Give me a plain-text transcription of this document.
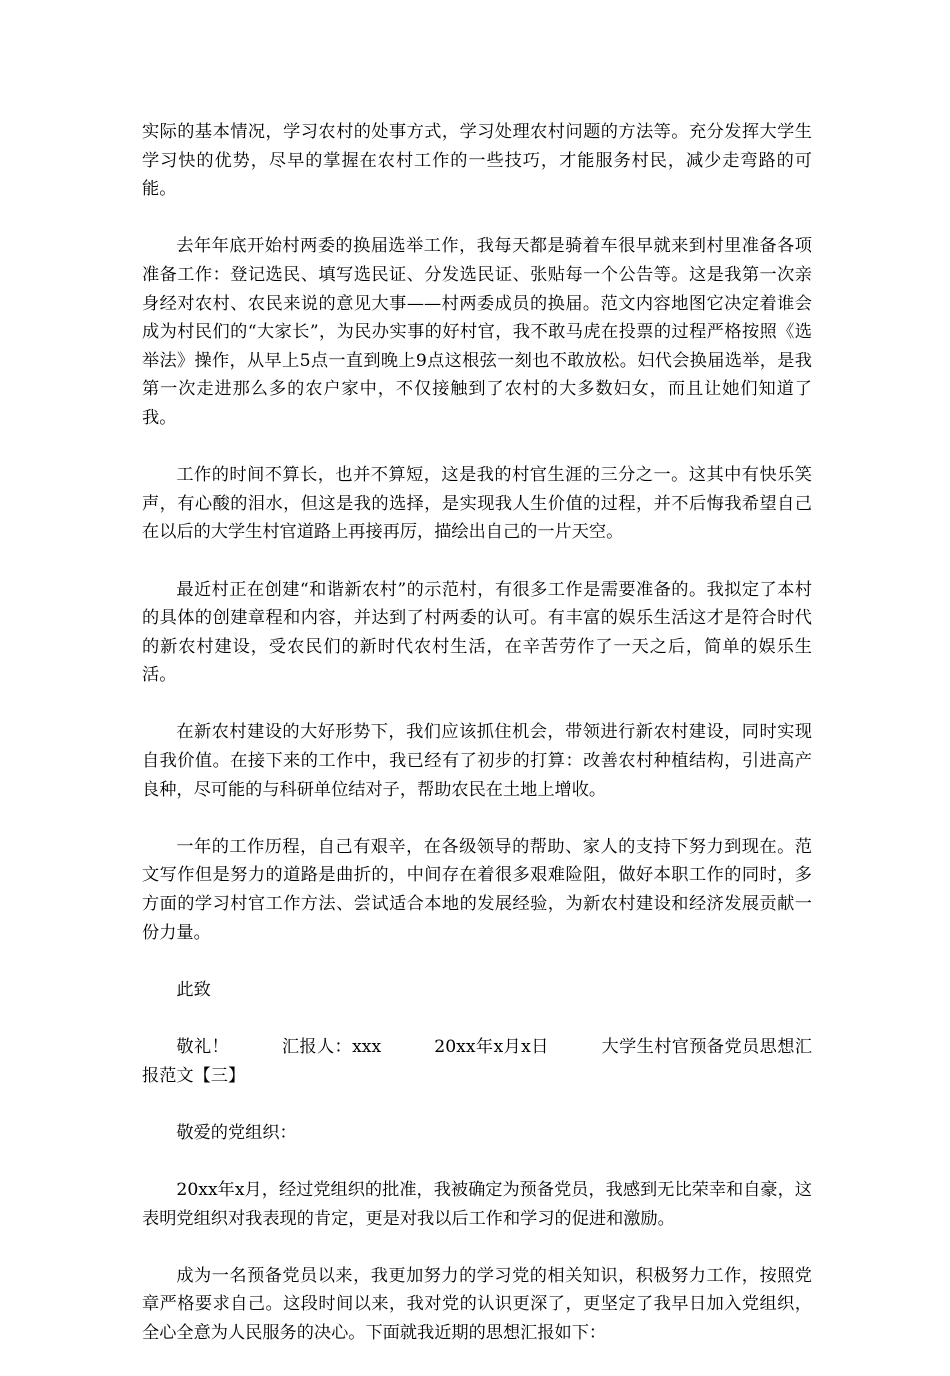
实际的基本情况，学习农村的处事方式，学习处理农村问题的方法等。充分发挥大学生学习快的优势，尽早的掌握在农村工作的一些技巧，才能服务村民，减少走弯路的可能。

去年年底开始村两委的换届选举工作，我每天都是骑着车很早就来到村里准备各项准备工作：登记选民、填写选民证、分发选民证、张贴每一个公告等。这是我第一次亲身经对农村、农民来说的意见大事——村两委成员的换届。范文内容地图它决定着谁会成为村民们的“大家长”，为民办实事的好村官，我不敢马虎在投票的过程严格按照《选举法》操作，从早上5点一直到晚上9点这根弦一刻也不敢放松。妇代会换届选举，是我第一次走进那么多的农户家中，不仅接触到了农村的大多数妇女，而且让她们知道了我。

工作的时间不算长，也并不算短，这是我的村官生涯的三分之一。这其中有快乐笑声，有心酸的泪水，但这是我的选择，是实现我人生价值的过程，并不后悔我希望自己在以后的大学生村官道路上再接再厉，描绘出自己的一片天空。

最近村正在创建“和谐新农村”的示范村，有很多工作是需要准备的。我拟定了本村的具体的创建章程和内容，并达到了村两委的认可。有丰富的娱乐生活这才是符合时代的新农村建设，受农民们的新时代农村生活，在辛苦劳作了一天之后，简单的娱乐生活。

在新农村建设的大好形势下，我们应该抓住机会，带领进行新农村建设，同时实现自我价值。在接下来的工作中，我已经有了初步的打算：改善农村种植结构，引进高产良种，尽可能的与科研单位结对子，帮助农民在土地上增收。

一年的工作历程，自己有艰辛，在各级领导的帮助、家人的支持下努力到现在。范文写作但是努力的道路是曲折的，中间存在着很多艰难险阻，做好本职工作的同时，多方面的学习村官工作方法、尝试适合本地的发展经验，为新农村建设和经济发展贡献一份力量。

此致

敬礼！　　　	汇报人：xxx　　　	20xx年x月x日　　　	大学生村官预备党员思想汇报范文【三】

敬爱的党组织：

20xx年x月，经过党组织的批准，我被确定为预备党员，我感到无比荣幸和自豪，这表明党组织对我表现的肯定，更是对我以后工作和学习的促进和激励。

成为一名预备党员以来，我更加努力的学习党的相关知识，积极努力工作，按照党章严格要求自己。这段时间以来，我对党的认识更深了，更坚定了我早日加入党组织，全心全意为人民服务的决心。下面就我近期的思想汇报如下：
